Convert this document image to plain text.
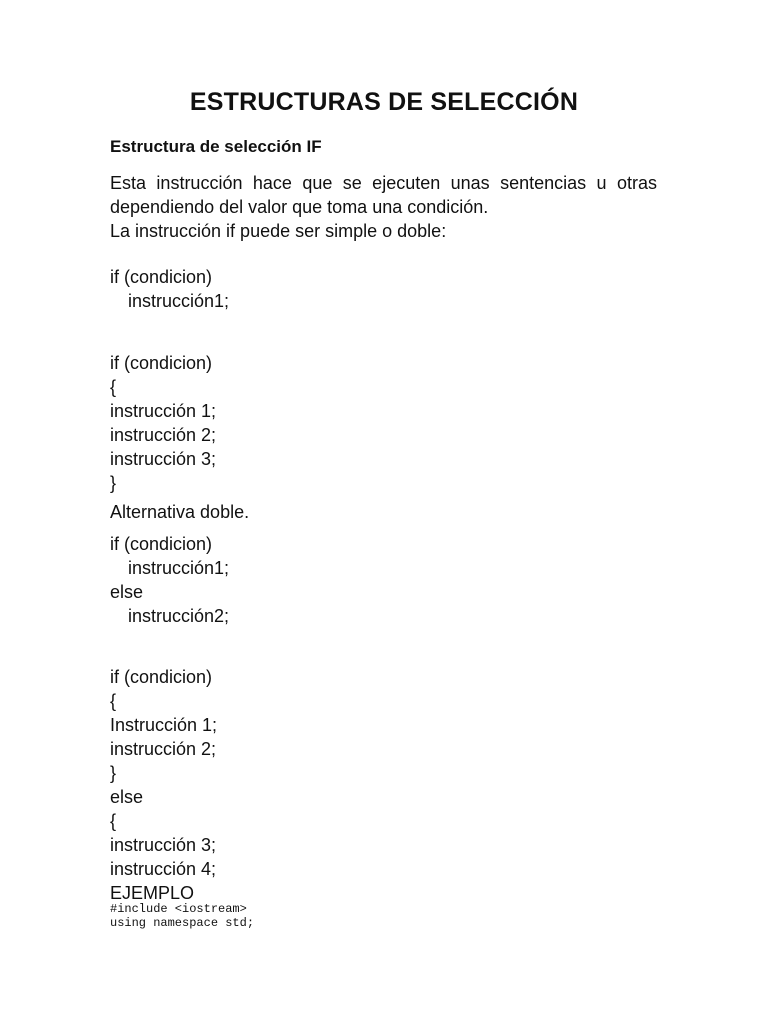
ESTRUCTURAS DE SELECCIÓN
Estructura de selección IF
Esta instrucción hace que se ejecuten unas sentencias u otras
dependiendo del valor que toma una condición.
La instrucción if puede ser simple o doble:
if (condicion)
instrucción1;
if (condicion)
{
instrucción 1;
instrucción 2;
instrucción 3;
}
Alternativa doble.
if (condicion)
instrucción1;
else
instrucción2;
if (condicion)
{
Instrucción 1;
instrucción 2;
}
else
{
instrucción 3;
instrucción 4;
EJEMPLO
#include <iostream>
using namespace std;
